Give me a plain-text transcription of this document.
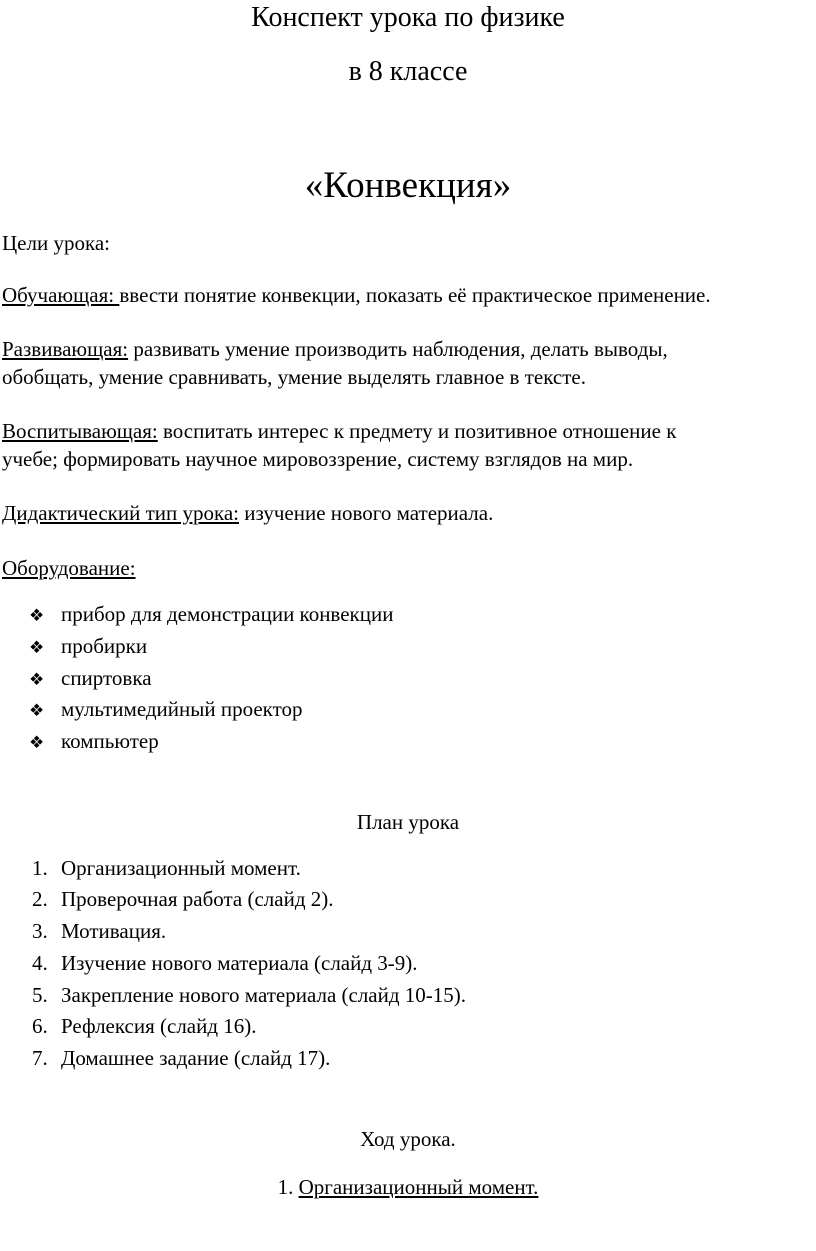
Конспект урока по физике
в 8 классе
«Конвекция»
Цели урока:
Обучающая: ввести понятие конвекции, показать её практическое применение.
Развивающая: развивать умение производить наблюдения, делать выводы,
обобщать, умение сравнивать, умение выделять главное в тексте.
Воспитывающая: воспитать интерес к предмету и позитивное отношение к
учебе; формировать научное мировоззрение, систему взглядов на мир.
Дидактический тип урока: изучение нового материала.
Оборудование:
❖ прибор для демонстрации конвекции
❖ пробирки
❖ спиртовка
❖ мультимедийный проектор
❖ компьютер
План урока
1. Организационный момент.
2. Проверочная работа (слайд 2).
3. Мотивация.
4. Изучение нового материала (слайд 3-9).
5. Закрепление нового материала (слайд 10-15).
6. Рефлексия (слайд 16).
7. Домашнее задание (слайд 17).
Ход урока.
1. Организационный момент.
